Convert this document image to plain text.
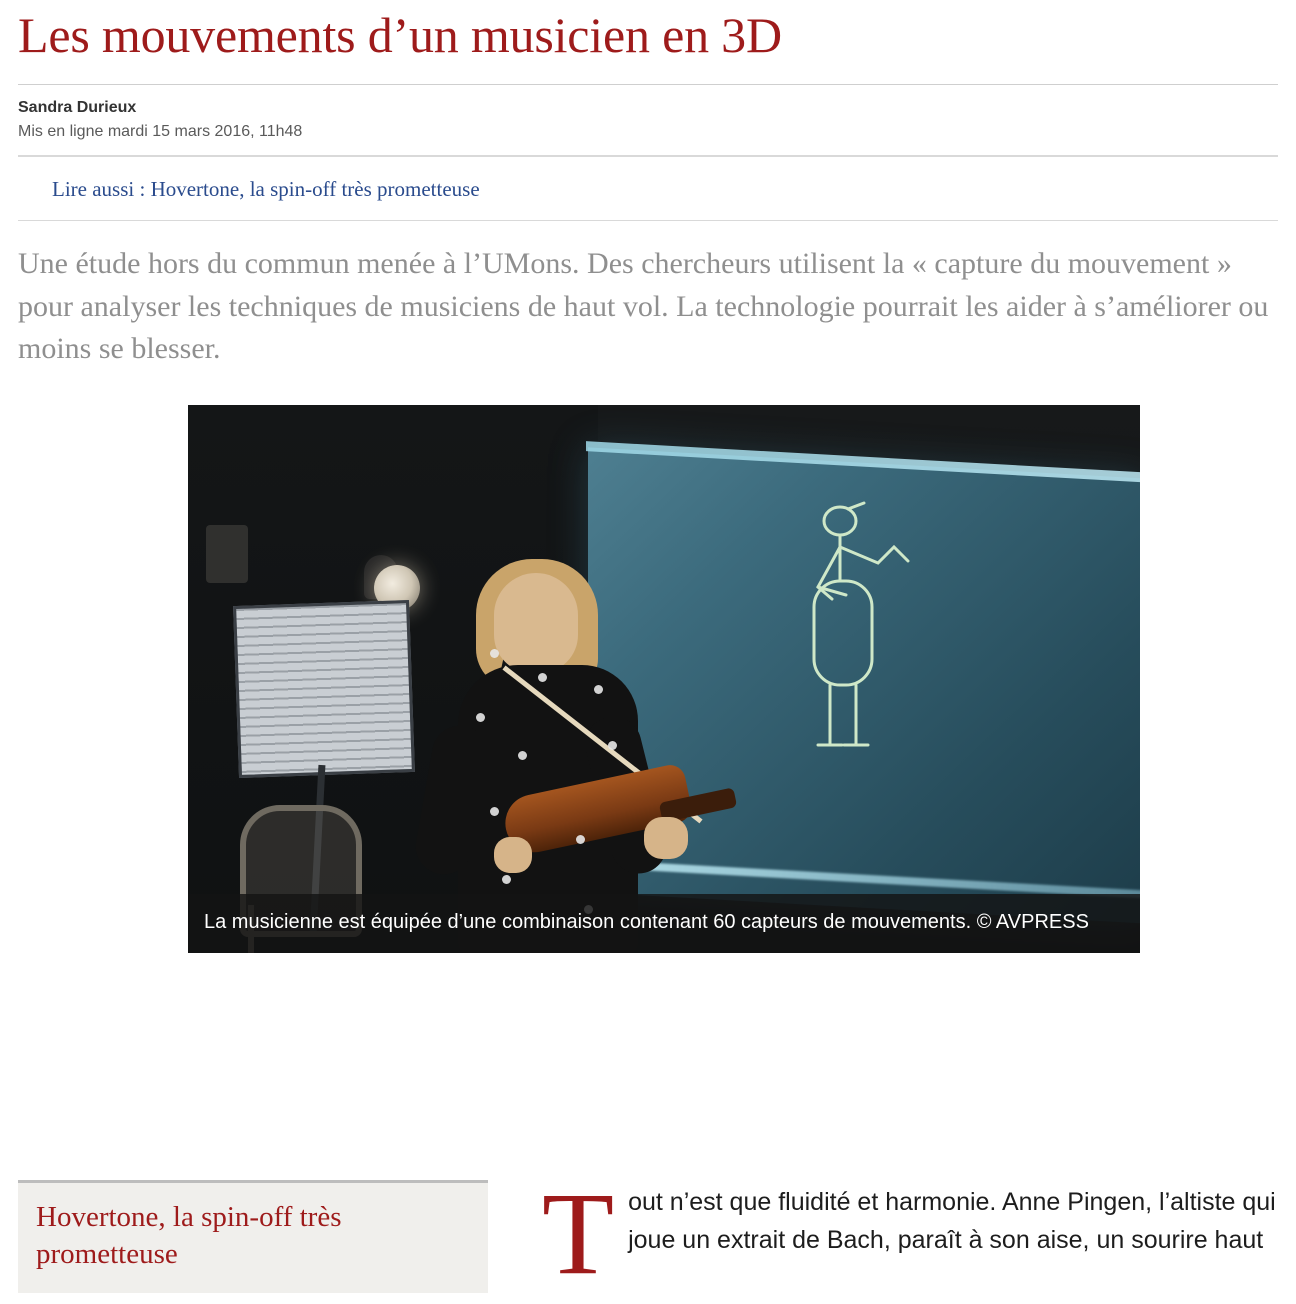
Les mouvements d’un musicien en 3D
Sandra Durieux
Mis en ligne mardi 15 mars 2016, 11h48
Lire aussi : Hovertone, la spin-off très prometteuse

Une étude hors du commun menée à l’UMons. Des chercheurs utilisent la « capture du mouvement » pour analyser les techniques de musiciens de haut vol. La technologie pourrait les aider à s’améliorer ou moins se blesser.

La musicienne est équipée d’une combinaison contenant 60 capteurs de mouvements. © AVPRESS
Hovertone, la spin-off très prometteuse	T out n’est que fluidité et harmonie. Anne Pingen, l’altiste qui joue un extrait de Bach, paraît à son aise, un sourire haut
